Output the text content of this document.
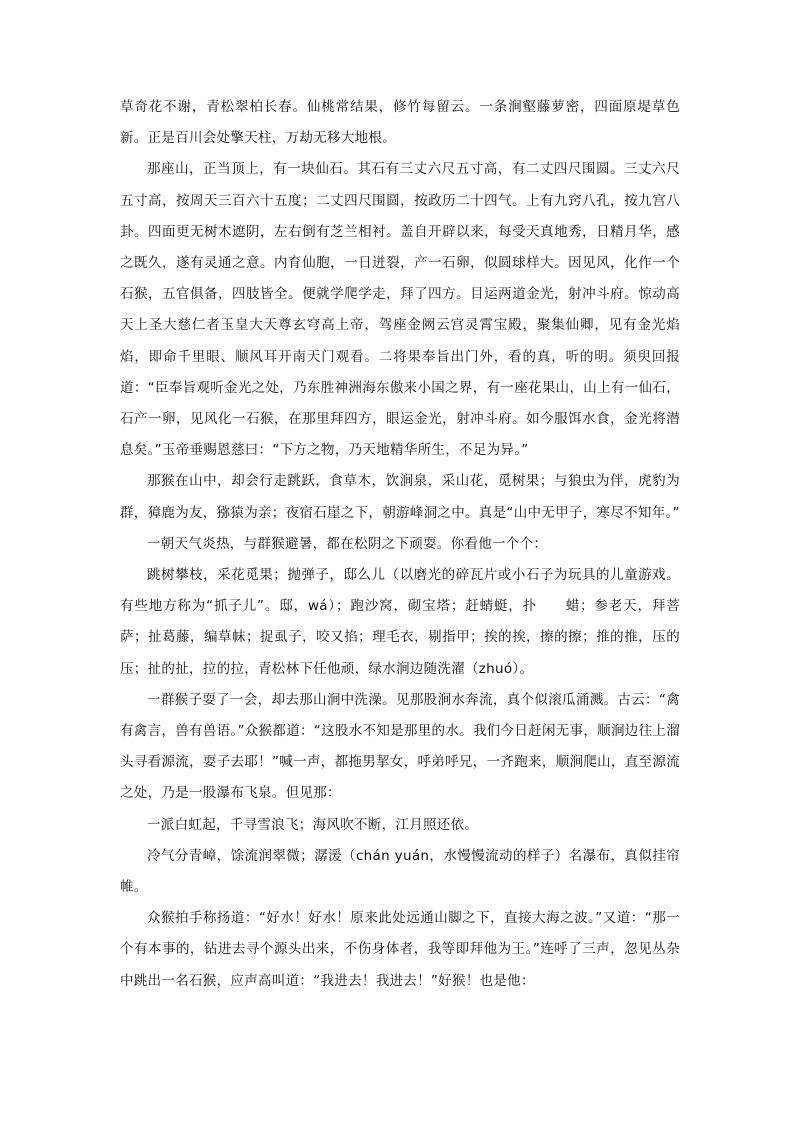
草奇花不谢，青松翠柏长春。仙桃常结果，修竹每留云。一条涧壑藤萝密，四面原堤草色新。正是百川会处擎天柱，万劫无移大地根。

那座山，正当顶上，有一块仙石。其石有三丈六尺五寸高，有二丈四尺围圆。三丈六尺五寸高，按周天三百六十五度；二丈四尺围圆，按政历二十四气。上有九窍八孔，按九宫八卦。四面更无树木遮阴，左右倒有芝兰相衬。盖自开辟以来，每受天真地秀，日精月华，感之既久，遂有灵通之意。内育仙胞，一日迸裂，产一石卵，似圆球样大。因见风，化作一个石猴，五官俱备，四肢皆全。便就学爬学走，拜了四方。目运两道金光，射冲斗府。惊动高天上圣大慈仁者玉皇大天尊玄穹高上帝，驾座金阙云宫灵霄宝殿，聚集仙卿，见有金光焰焰，即命千里眼、顺风耳开南天门观看。二将果奉旨出门外，看的真，听的明。须臾回报道：“臣奉旨观听金光之处，乃东胜神洲海东傲来小国之界，有一座花果山，山上有一仙石，石产一卵，见风化一石猴，在那里拜四方，眼运金光，射冲斗府。如今服饵水食，金光将潜息矣。”玉帝垂赐恩慈曰：“下方之物，乃天地精华所生，不足为异。”

那猴在山中，却会行走跳跃，食草木，饮涧泉，采山花，觅树果；与狼虫为伴，虎豹为群，獐鹿为友，猕猿为亲；夜宿石崖之下，朝游峰洞之中。真是“山中无甲子，寒尽不知年。”

一朝天气炎热，与群猴避暑，都在松阴之下顽耍。你看他一个个：

跳树攀枝，采花觅果；抛弹子，邸么儿（以磨光的碎瓦片或小石子为玩具的儿童游戏。有些地方称为“抓子儿”。邸，wá）；跑沙窝，砌宝塔；赶蜻蜓，扑　　蜡；参老天，拜菩萨；扯葛藤，编草帓；捉虱子，咬又掐；理毛衣，剔指甲；挨的挨，擦的擦；推的推，压的压；扯的扯，拉的拉，青松林下任他顽，绿水涧边随洗濯（zhuó）。

一群猴子耍了一会，却去那山涧中洗澡。见那股涧水奔流，真个似滚瓜涌溅。古云：“禽有禽言，兽有兽语。”众猴都道：“这股水不知是那里的水。我们今日赶闲无事，顺涧边往上溜头寻看源流，耍子去耶！”喊一声，都拖男挈女，呼弟呼兄，一齐跑来，顺涧爬山，直至源流之处，乃是一股瀑布飞泉。但见那：

一派白虹起，千寻雪浪飞；海风吹不断，江月照还依。

冷气分青嶂，馀流润翠微；潺湲（chán yuán，水慢慢流动的样子）名瀑布，真似挂帘帷。

众猴拍手称扬道：“好水！好水！原来此处远通山脚之下，直接大海之波。”又道：“那一个有本事的，钻进去寻个源头出来，不伤身体者，我等即拜他为王。”连呼了三声，忽见丛杂中跳出一名石猴，应声高叫道：“我进去！我进去！”好猴！也是他：
